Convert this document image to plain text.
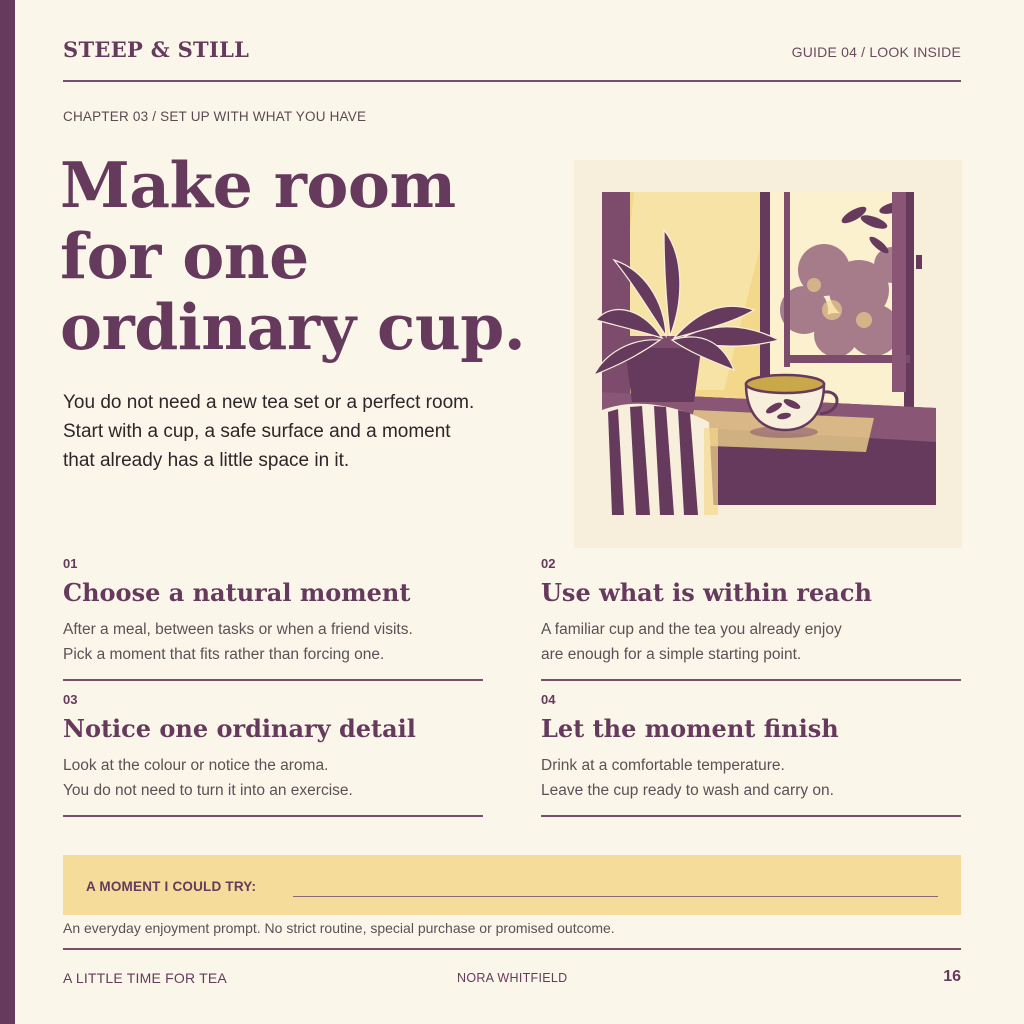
STEEP & STILL	GUIDE 04 / LOOK INSIDE
CHAPTER 03 / SET UP WITH WHAT YOU HAVE
Make room
for one
ordinary cup.

You do not need a new tea set or a perfect room.
Start with a cup, a safe surface and a moment
that already has a little space in it.

01
Choose a natural moment
After a meal, between tasks or when a friend visits.
Pick a moment that fits rather than forcing one.
02
Use what is within reach
A familiar cup and the tea you already enjoy
are enough for a simple starting point.
03
Notice one ordinary detail
Look at the colour or notice the aroma.
You do not need to turn it into an exercise.
04
Let the moment finish
Drink at a comfortable temperature.
Leave the cup ready to wash and carry on.
A MOMENT I COULD TRY:
An everyday enjoyment prompt. No strict routine, special purchase or promised outcome.
A LITTLE TIME FOR TEA	NORA WHITFIELD	16
